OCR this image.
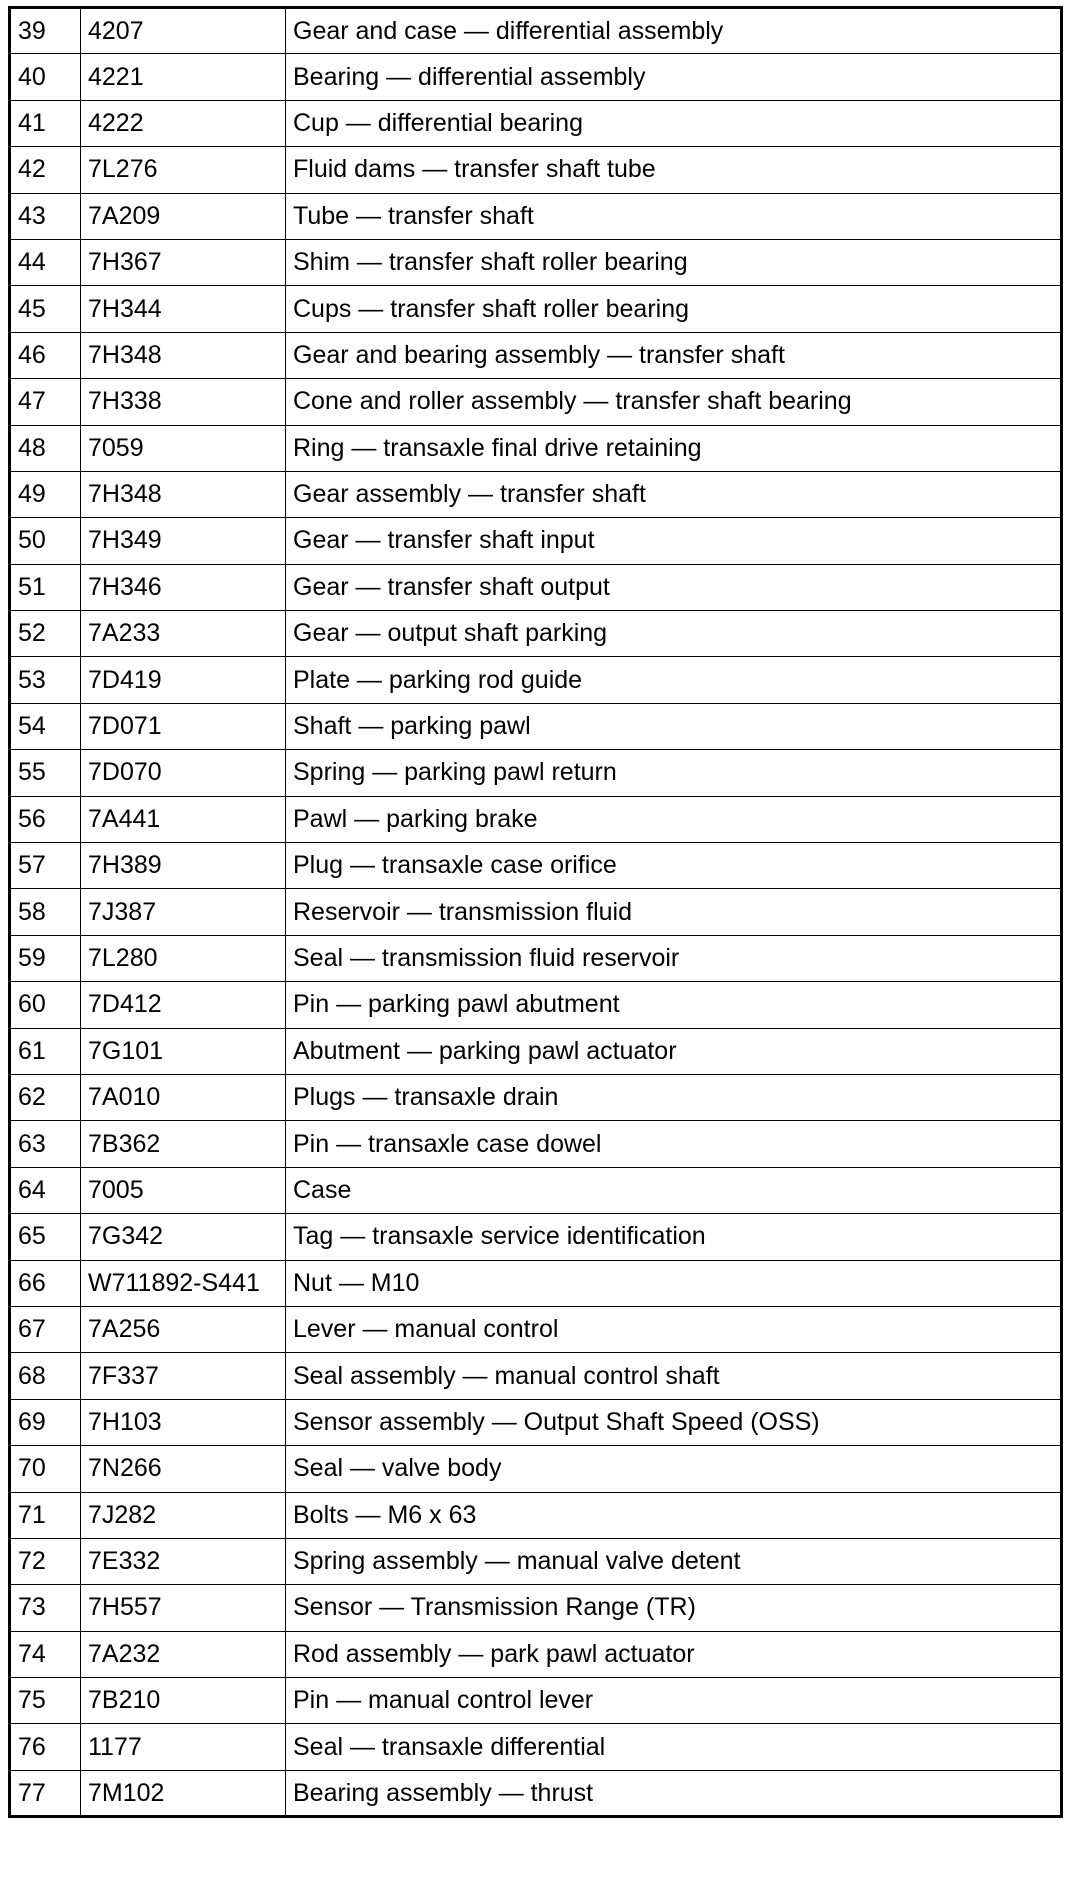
39	4207	Gear and case — differential assembly
40	4221	Bearing — differential assembly
41	4222	Cup — differential bearing
42	7L276	Fluid dams — transfer shaft tube
43	7A209	Tube — transfer shaft
44	7H367	Shim — transfer shaft roller bearing
45	7H344	Cups — transfer shaft roller bearing
46	7H348	Gear and bearing assembly — transfer shaft
47	7H338	Cone and roller assembly — transfer shaft bearing
48	7059	Ring — transaxle final drive retaining
49	7H348	Gear assembly — transfer shaft
50	7H349	Gear — transfer shaft input
51	7H346	Gear — transfer shaft output
52	7A233	Gear — output shaft parking
53	7D419	Plate — parking rod guide
54	7D071	Shaft — parking pawl
55	7D070	Spring — parking pawl return
56	7A441	Pawl — parking brake
57	7H389	Plug — transaxle case orifice
58	7J387	Reservoir — transmission fluid
59	7L280	Seal — transmission fluid reservoir
60	7D412	Pin — parking pawl abutment
61	7G101	Abutment — parking pawl actuator
62	7A010	Plugs — transaxle drain
63	7B362	Pin — transaxle case dowel
64	7005	Case
65	7G342	Tag — transaxle service identification
66	W711892-S441	Nut — M10
67	7A256	Lever — manual control
68	7F337	Seal assembly — manual control shaft
69	7H103	Sensor assembly — Output Shaft Speed (OSS)
70	7N266	Seal — valve body
71	7J282	Bolts — M6 x 63
72	7E332	Spring assembly — manual valve detent
73	7H557	Sensor — Transmission Range (TR)
74	7A232	Rod assembly — park pawl actuator
75	7B210	Pin — manual control lever
76	1177	Seal — transaxle differential
77	7M102	Bearing assembly — thrust
